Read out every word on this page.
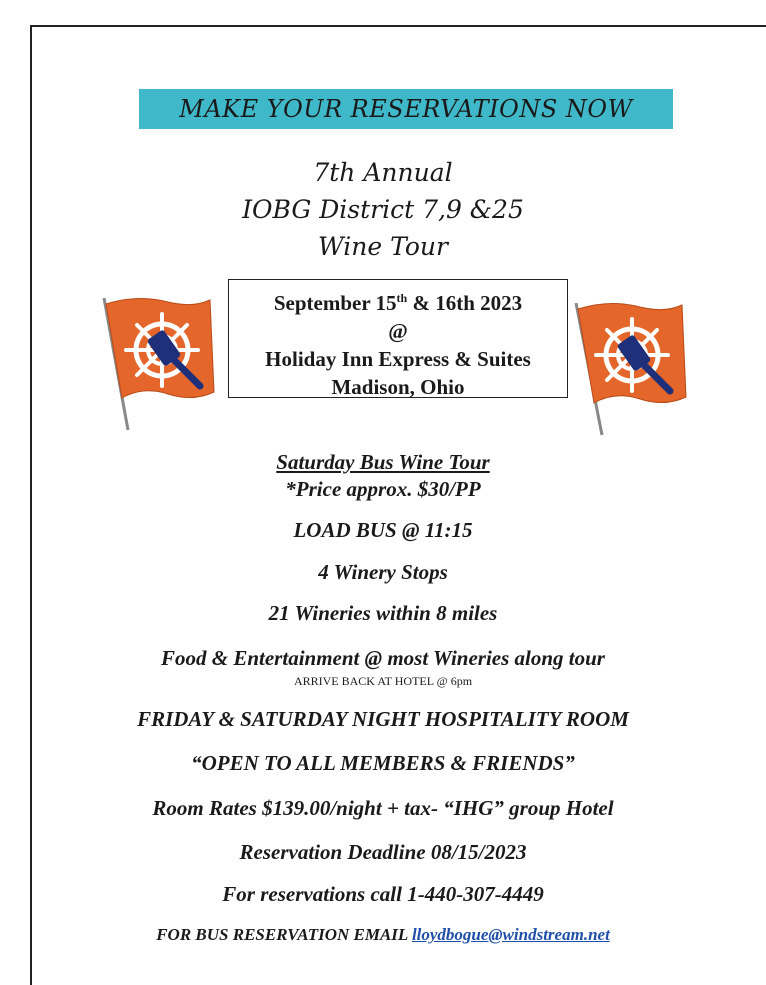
MAKE YOUR RESERVATIONS NOW
7th Annual
IOBG District 7,9 &25
Wine Tour
September 15th & 16th 2023
@
Holiday Inn Express & Suites
Madison, Ohio
Saturday Bus Wine Tour
*Price approx. $30/PP
LOAD BUS @ 11:15
4 Winery Stops
21 Wineries within 8 miles
Food & Entertainment @ most Wineries along tour
ARRIVE BACK AT HOTEL @ 6pm
FRIDAY & SATURDAY NIGHT HOSPITALITY ROOM
“OPEN TO ALL MEMBERS & FRIENDS”
Room Rates $139.00/night + tax- “IHG” group Hotel
Reservation Deadline 08/15/2023
For reservations call 1-440-307-4449
FOR BUS RESERVATION EMAIL lloydbogue@windstream.net
